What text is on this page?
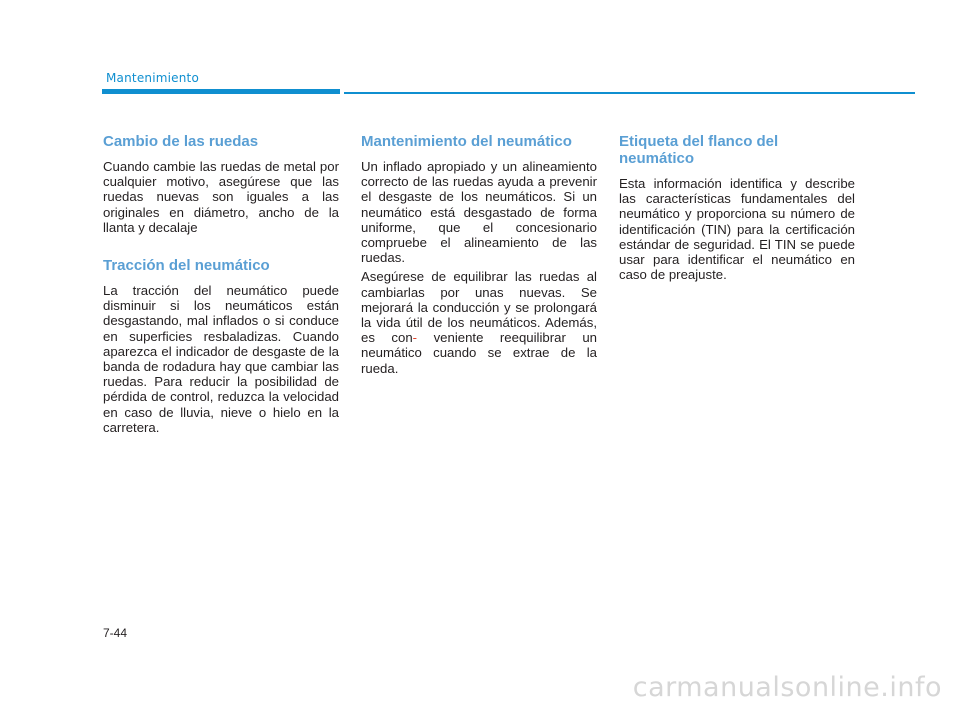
Mantenimiento
Cambio de las ruedas

Cuando cambie las ruedas de metal por cualquier motivo, asegúrese que las ruedas nuevas son iguales a las originales en diámetro, ancho de la llanta y decalaje

Tracción del neumático

La tracción del neumático puede disminuir si los neumáticos están desgastando, mal inflados o si conduce en superficies resbaladizas. Cuando aparezca el indicador de desgaste de la banda de rodadura hay que cambiar las ruedas. Para reducir la posibilidad de pérdida de control, reduzca la velocidad en caso de lluvia, nieve o hielo en la carretera.

Mantenimiento del neumático

Un inflado apropiado y un alineamiento correcto de las ruedas ayuda a prevenir el desgaste de los neumáticos. Si un neumático está desgastado de forma uniforme, que el concesionario compruebe el alineamiento de las ruedas.

Asegúrese de equilibrar las ruedas al cambiarlas por unas nuevas. Se mejorará la conducción y se prolongará la vida útil de los neumáticos. Además, es con- veniente reequilibrar un neumático cuando se extrae de la rueda.

Etiqueta del flanco del neumático

Esta información identifica y describe las características fundamentales del neumático y proporciona su número de identificación (TIN) para la certificación estándar de seguridad. El TIN se puede usar para identificar el neumático en caso de preajuste.

7-44
carmanualsonline.info
